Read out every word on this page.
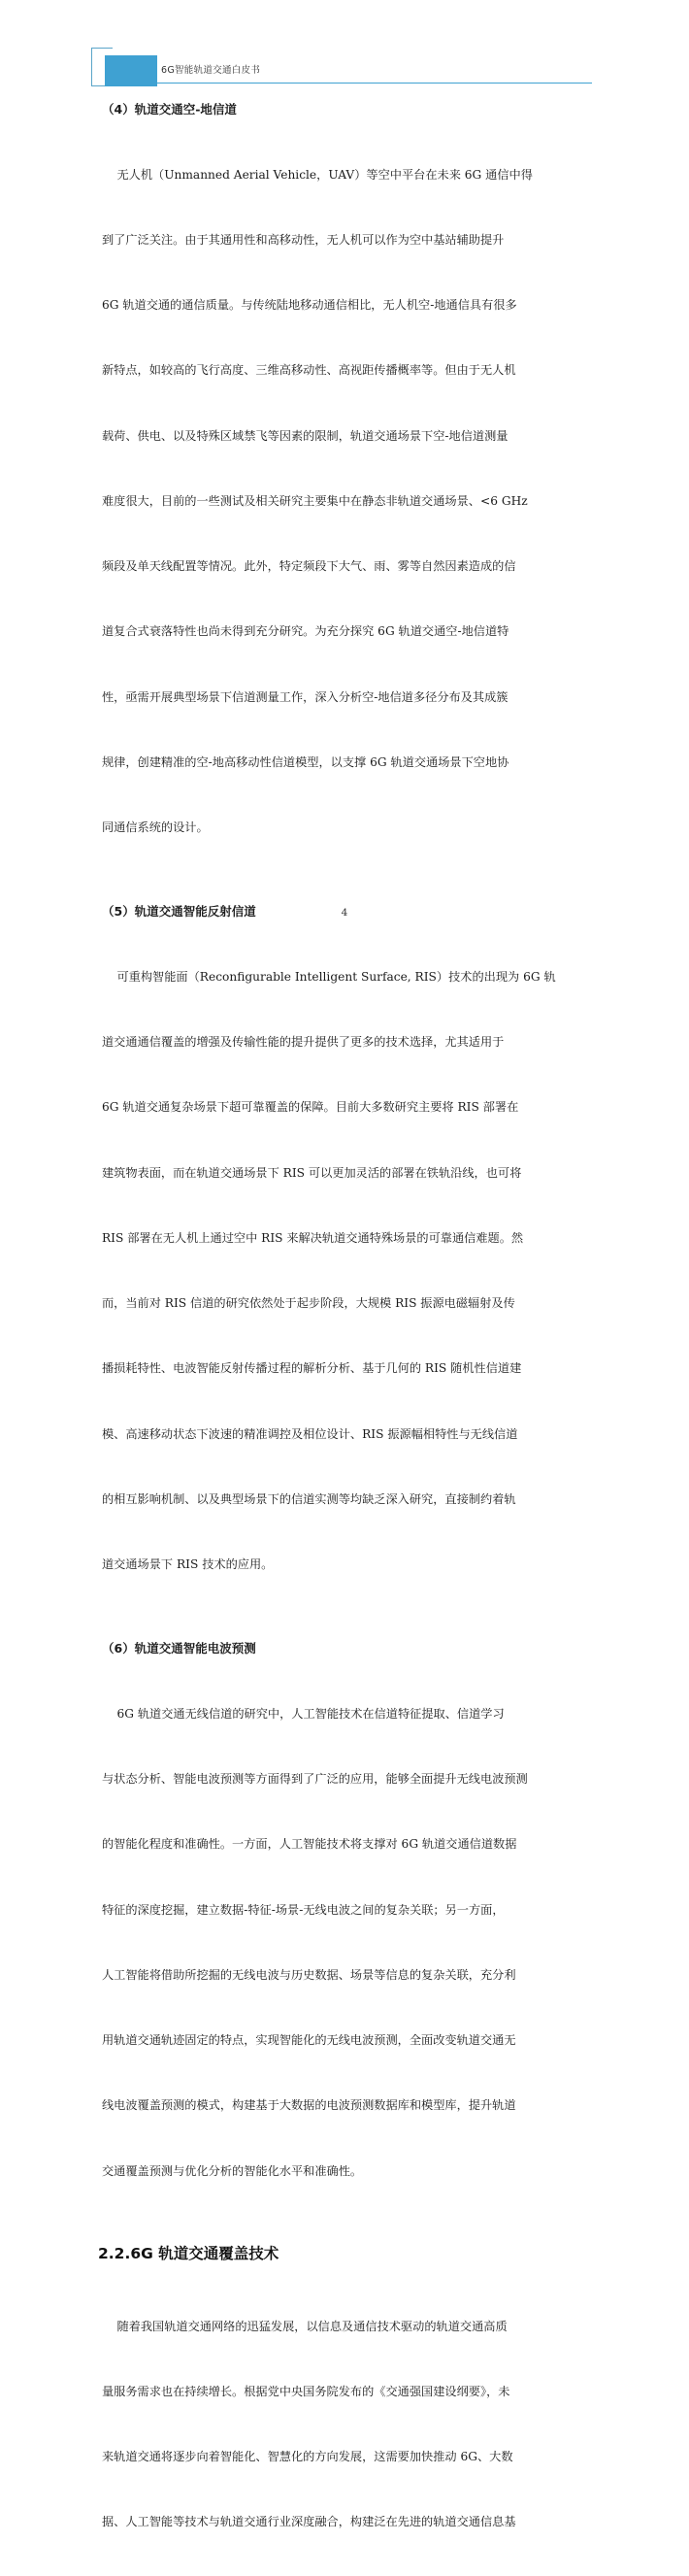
6G智能轨道交通白皮书
（4）轨道交通空-地信道

无人机（Unmanned Aerial Vehicle，UAV）等空中平台在未来 6G 通信中得

到了广泛关注。由于其通用性和高移动性，无人机可以作为空中基站辅助提升

6G 轨道交通的通信质量。与传统陆地移动通信相比，无人机空-地通信具有很多

新特点，如较高的飞行高度、三维高移动性、高视距传播概率等。但由于无人机

载荷、供电、以及特殊区域禁飞等因素的限制，轨道交通场景下空-地信道测量

难度很大，目前的一些测试及相关研究主要集中在静态非轨道交通场景、<6 GHz

频段及单天线配置等情况。此外，特定频段下大气、雨、雾等自然因素造成的信

道复合式衰落特性也尚未得到充分研究。为充分探究 6G 轨道交通空-地信道特

性，亟需开展典型场景下信道测量工作，深入分析空-地信道多径分布及其成簇

规律，创建精准的空-地高移动性信道模型，以支撑 6G 轨道交通场景下空地协

同通信系统的设计。

（5）轨道交通智能反射信道

可重构智能面（Reconfigurable Intelligent Surface, RIS）技术的出现为 6G 轨

道交通通信覆盖的增强及传输性能的提升提供了更多的技术选择，尤其适用于

6G 轨道交通复杂场景下超可靠覆盖的保障。目前大多数研究主要将 RIS 部署在

建筑物表面，而在轨道交通场景下 RIS 可以更加灵活的部署在铁轨沿线，也可将

RIS 部署在无人机上通过空中 RIS 来解决轨道交通特殊场景的可靠通信难题。然

而，当前对 RIS 信道的研究依然处于起步阶段，大规模 RIS 振源电磁辐射及传

播损耗特性、电波智能反射传播过程的解析分析、基于几何的 RIS 随机性信道建

模、高速移动状态下波速的精准调控及相位设计、RIS 振源幅相特性与无线信道

的相互影响机制、以及典型场景下的信道实测等均缺乏深入研究，直接制约着轨

道交通场景下 RIS 技术的应用。

（6）轨道交通智能电波预测

6G 轨道交通无线信道的研究中，人工智能技术在信道特征提取、信道学习

与状态分析、智能电波预测等方面得到了广泛的应用，能够全面提升无线电波预测

的智能化程度和准确性。一方面，人工智能技术将支撑对 6G 轨道交通信道数据

特征的深度挖掘，建立数据-特征-场景-无线电波之间的复杂关联；另一方面，

人工智能将借助所挖掘的无线电波与历史数据、场景等信息的复杂关联，充分利

用轨道交通轨迹固定的特点，实现智能化的无线电波预测，全面改变轨道交通无

线电波覆盖预测的模式，构建基于大数据的电波预测数据库和模型库，提升轨道

交通覆盖预测与优化分析的智能化水平和准确性。

2.2.6G 轨道交通覆盖技术

随着我国轨道交通网络的迅猛发展，以信息及通信技术驱动的轨道交通高质

量服务需求也在持续增长。根据党中央国务院发布的《交通强国建设纲要》，未

来轨道交通将逐步向着智能化、智慧化的方向发展，这需要加快推动 6G、大数

据、人工智能等技术与轨道交通行业深度融合，构建泛在先进的轨道交通信息基

4
